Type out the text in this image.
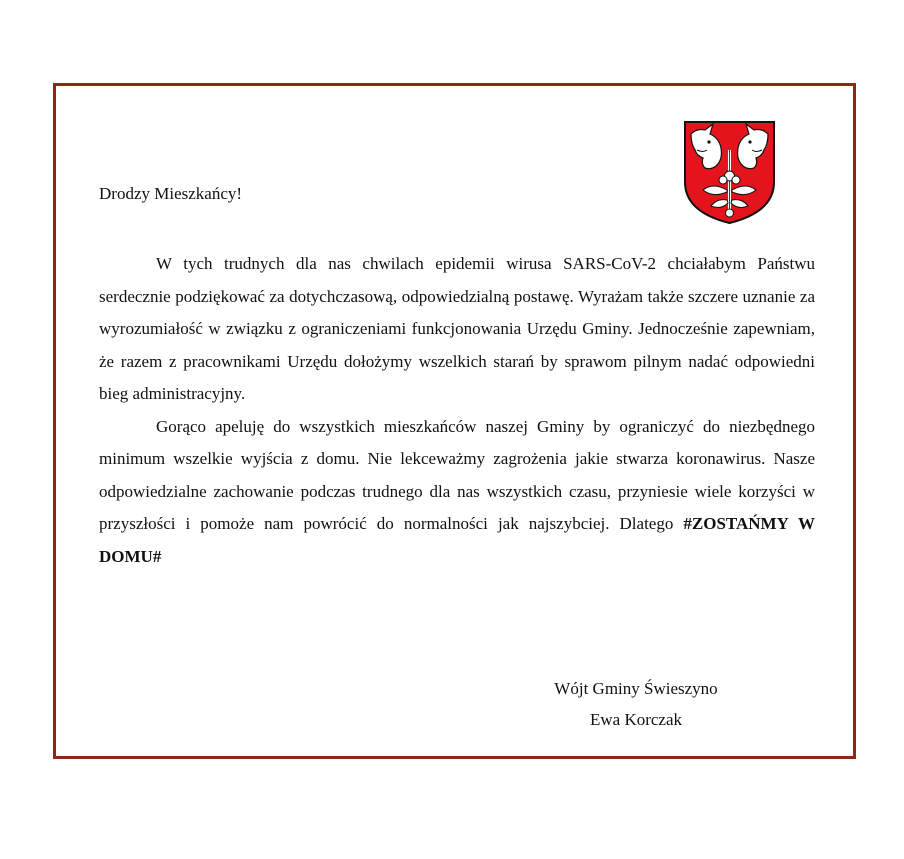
Drodzy Mieszkańcy!

W tych trudnych dla nas chwilach epidemii wirusa SARS-CoV-2 chciałabym Państwu serdecznie podziękować za dotychczasową, odpowiedzialną postawę. Wyrażam także szczere uznanie za wyrozumiałość w związku z ograniczeniami funkcjonowania Urzędu Gminy. Jednocześnie zapewniam, że razem z pracownikami Urzędu dołożymy wszelkich starań by sprawom pilnym nadać odpowiedni bieg administracyjny.

Gorąco apeluję do wszystkich mieszkańców naszej Gminy by ograniczyć do niezbędnego minimum wszelkie wyjścia z domu. Nie lekceważmy zagrożenia jakie stwarza koronawirus. Nasze odpowiedzialne zachowanie podczas trudnego dla nas wszystkich czasu, przyniesie wiele korzyści w przyszłości i pomoże nam powrócić do normalności jak najszybciej. Dlatego #ZOSTAŃMY W DOMU#

Wójt Gminy Świeszyno
Ewa Korczak
